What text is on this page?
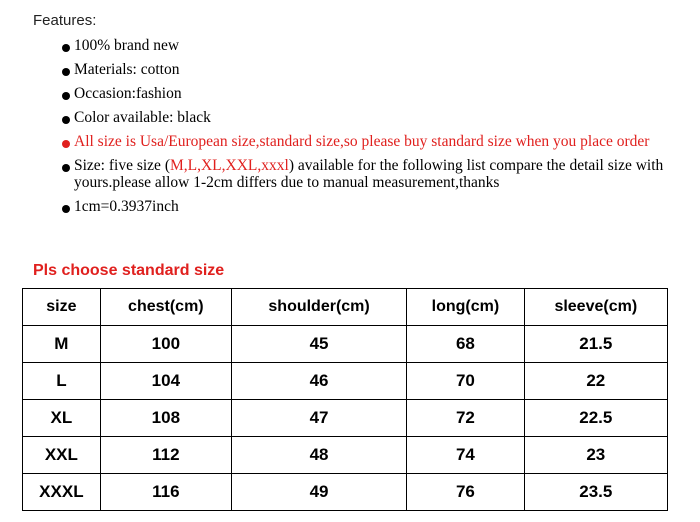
Features:
100% brand new
Materials: cotton
Occasion:fashion
Color available: black
All size is Usa/European size,standard size,so please buy standard size when you place order
Size: five size (M,L,XL,XXL,xxxl) available for the following list compare the detail size with yours.please allow 1-2cm differs due to manual measurement,thanks
1cm=0.3937inch
Pls choose standard size
size	chest(cm)	shoulder(cm)	long(cm)	sleeve(cm)
M	100	45	68	21.5
L	104	46	70	22
XL	108	47	72	22.5
XXL	112	48	74	23
XXXL	116	49	76	23.5
